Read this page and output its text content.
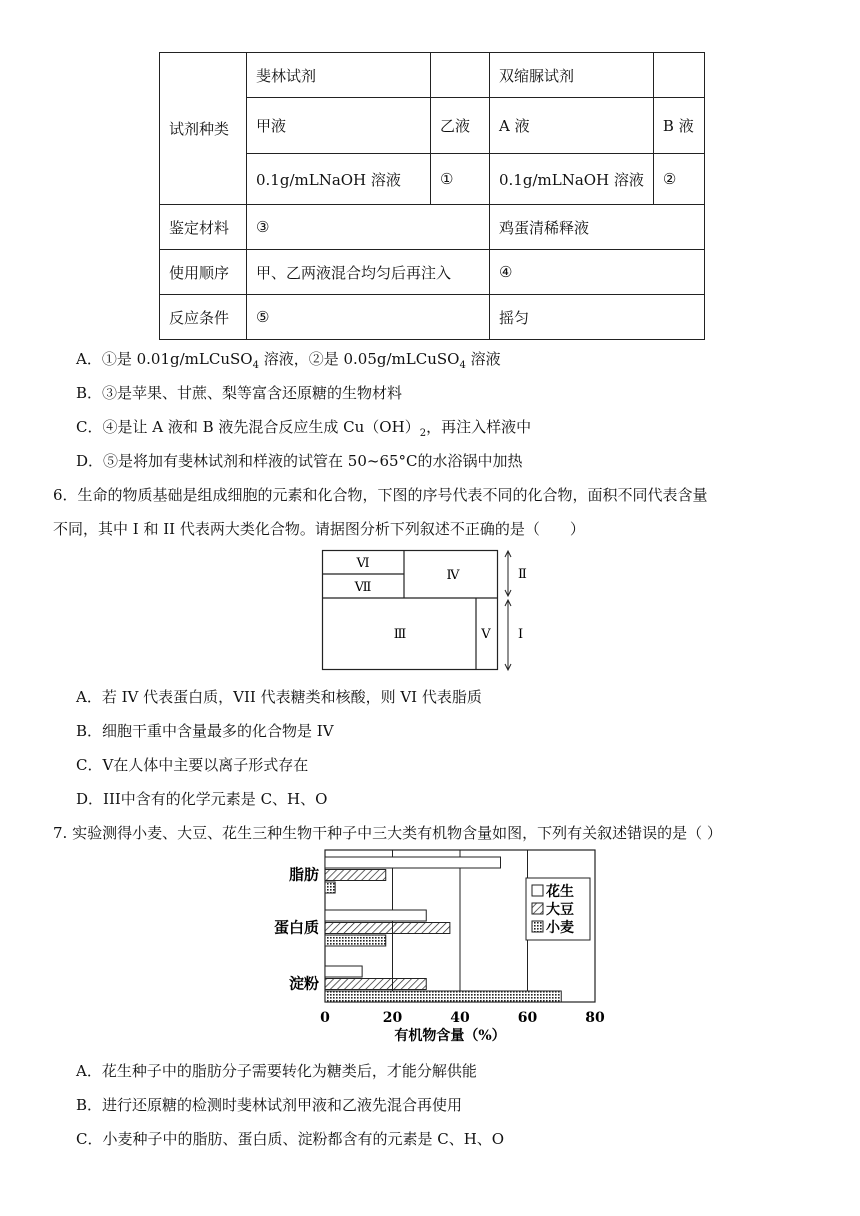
试剂种类	斐林试剂		双缩脲试剂	
	甲液	乙液	A 液	B 液
	0.1g/mLNaOH 溶液	①	0.1g/mLNaOH 溶液	②
鉴定材料	③		鸡蛋清稀释液	
使用顺序	甲、乙两液混合均匀后再注入		④	
反应条件	⑤		摇匀	
A．①是 0.01g/mLCuSO$_4$ 溶液，②是 0.05g/mLCuSO$_4$ 溶液
B．③是苹果、甘蔗、梨等富含还原糖的生物材料
C．④是让 A 液和 B 液先混合反应生成 $Cu(OH)_2$，再注入样液中
D．⑤是将加有斐林试剂和样液的试管在 50~65°C的水浴锅中加热
6．生命的物质基础是组成细胞的元素和化合物，下图的序号代表不同的化合物，面积不同代表含量
不同，其中 I 和 II 代表两大类化合物。请据图分析下列叙述不正确的是（　　）
Ⅵ
Ⅶ
Ⅳ
Ⅲ	Ⅴ
Ⅱ
Ⅰ
A．若 IV 代表蛋白质，VII 代表糖类和核酸，则 VI 代表脂质
B．细胞干重中含量最多的化合物是 IV
C．V在人体中主要以离子形式存在
D．III中含有的化学元素是 C、H、O
7. 实验测得小麦、大豆、花生三种生物干种子中三大类有机物含量如图，下列有关叙述错误的是（ ）
0	20	40	60	80
有机物含量（%）
脂肪
蛋白质
淀粉
花生
大豆
小麦
A．花生种子中的脂肪分子需要转化为糖类后，才能分解供能
B．进行还原糖的检测时斐林试剂甲液和乙液先混合再使用
C．小麦种子中的脂肪、蛋白质、淀粉都含有的元素是 C、H、O
